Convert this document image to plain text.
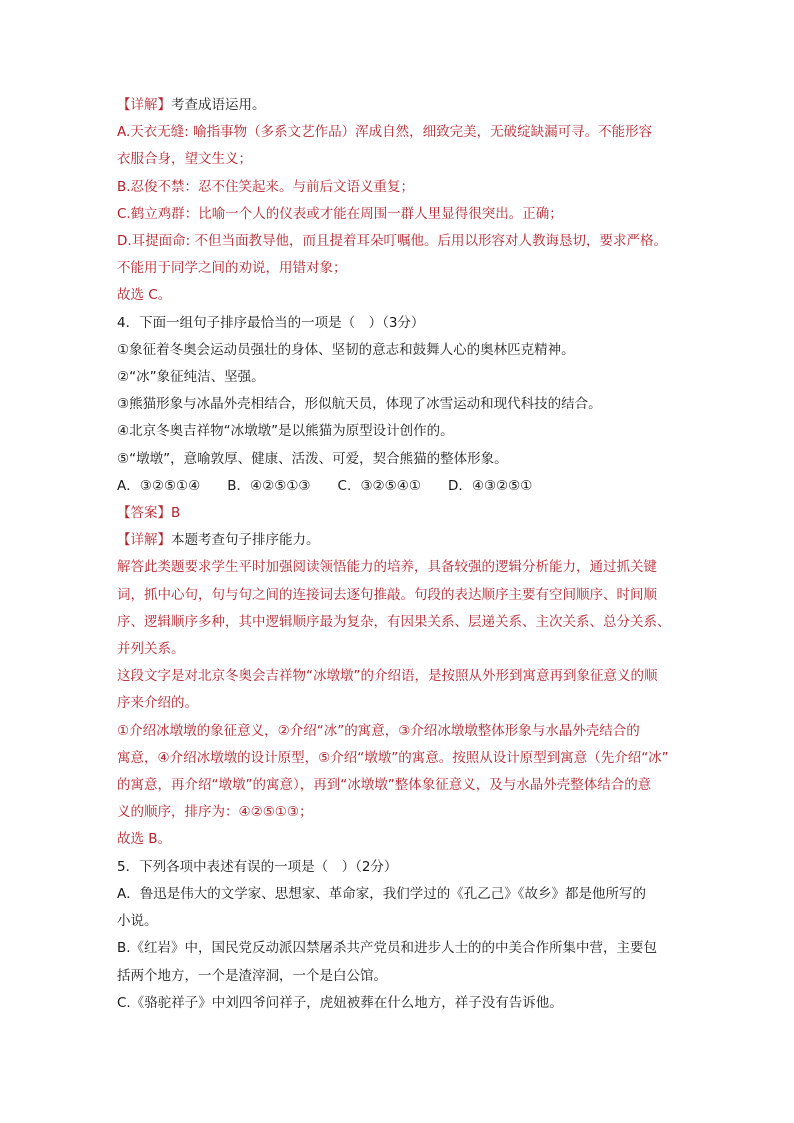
【详解】考查成语运用。
A.天衣无缝: 喻指事物（多系文艺作品）浑成自然，细致完美，无破绽缺漏可寻。不能形容
衣服合身，望文生义；
B.忍俊不禁：忍不住笑起来。与前后文语义重复；
C.鹤立鸡群：比喻一个人的仪表或才能在周围一群人里显得很突出。正确；
D.耳提面命: 不但当面教导他，而且提着耳朵叮嘱他。后用以形容对人教诲恳切，要求严格。
不能用于同学之间的劝说，用错对象；
故选 C。
4．下面一组句子排序最恰当的一项是（　）（3分）
①象征着冬奥会运动员强壮的身体、坚韧的意志和鼓舞人心的奥林匹克精神。
②“冰”象征纯洁、坚强。
③熊猫形象与冰晶外壳相结合，形似航天员，体现了冰雪运动和现代科技的结合。
④北京冬奥吉祥物“冰墩墩”是以熊猫为原型设计创作的。
⑤“墩墩”，意喻敦厚、健康、活泼、可爱，契合熊猫的整体形象。
A．③②⑤①④　　B．④②⑤①③　　C．③②⑤④①　　D．④③②⑤①
【答案】B
【详解】本题考查句子排序能力。
解答此类题要求学生平时加强阅读领悟能力的培养，具备较强的逻辑分析能力，通过抓关键
词，抓中心句，句与句之间的连接词去逐句推敲。句段的表达顺序主要有空间顺序、时间顺
序、逻辑顺序多种，其中逻辑顺序最为复杂，有因果关系、层递关系、主次关系、总分关系、
并列关系。
这段文字是对北京冬奥会吉祥物“冰墩墩”的介绍语，是按照从外形到寓意再到象征意义的顺
序来介绍的。
①介绍冰墩墩的象征意义，②介绍“冰”的寓意，③介绍冰墩墩整体形象与水晶外壳结合的
寓意，④介绍冰墩墩的设计原型，⑤介绍“墩墩”的寓意。按照从设计原型到寓意（先介绍“冰”
的寓意，再介绍“墩墩”的寓意），再到“冰墩墩”整体象征意义，及与水晶外壳整体结合的意
义的顺序，排序为：④②⑤①③；
故选 B。
5．下列各项中表述有误的一项是（　）（2分）
A．鲁迅是伟大的文学家、思想家、革命家，我们学过的《孔乙己》《故乡》都是他所写的
小说。
B.《红岩》中，国民党反动派囚禁屠杀共产党员和进步人士的的中美合作所集中营，主要包
括两个地方，一个是渣滓洞，一个是白公馆。
C.《骆驼祥子》中刘四爷问祥子，虎妞被葬在什么地方，祥子没有告诉他。
